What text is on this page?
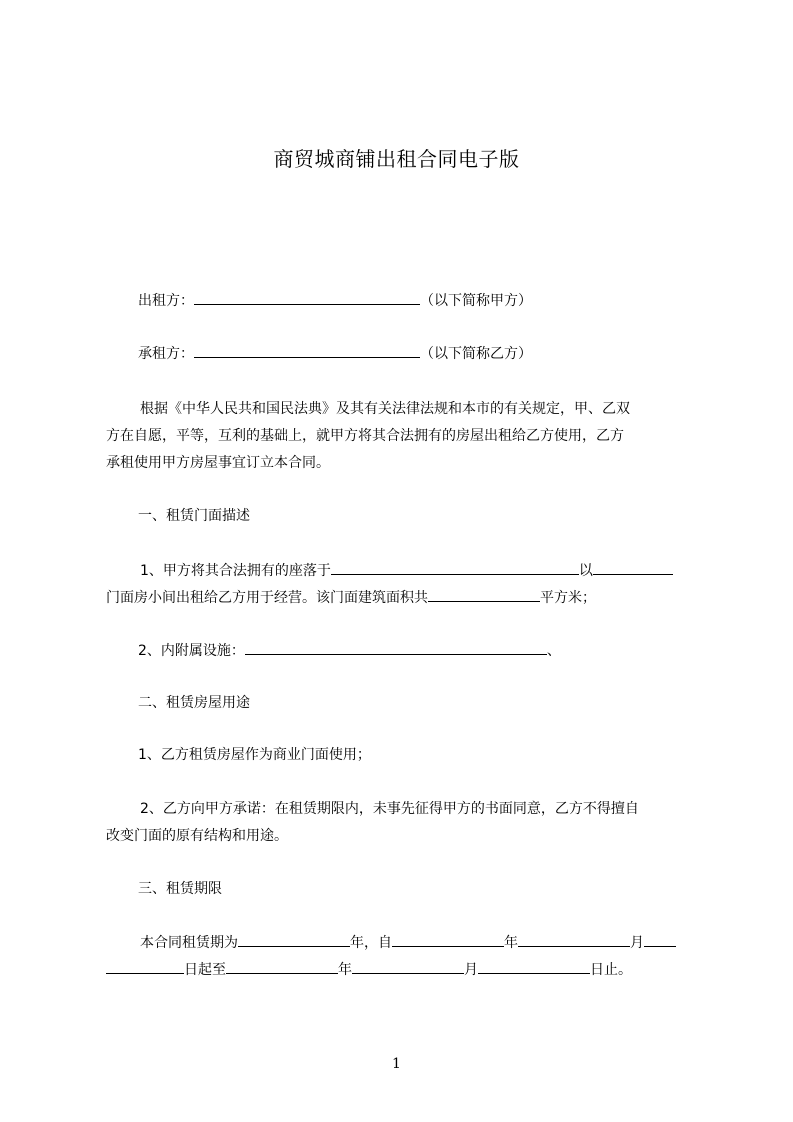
商贸城商铺出租合同电子版
出租方：	（以下简称甲方）
承租方：	（以下简称乙方）
根据《中华人民共和国民法典》及其有关法律法规和本市的有关规定，甲、乙双
方在自愿，平等，互利的基础上，就甲方将其合法拥有的房屋出租给乙方使用，乙方
承租使用甲方房屋事宜订立本合同。
一、租赁门面描述
1、甲方将其合法拥有的座落于	以
门面房小间出租给乙方用于经营。该门面建筑面积共	平方米；
2、内附属设施：	、
二、租赁房屋用途
1、乙方租赁房屋作为商业门面使用；
2、乙方向甲方承诺：在租赁期限内，未事先征得甲方的书面同意，乙方不得擅自
改变门面的原有结构和用途。
三、租赁期限
本合同租赁期为	年，自	年	月
日起至	年	月	日止。
1
